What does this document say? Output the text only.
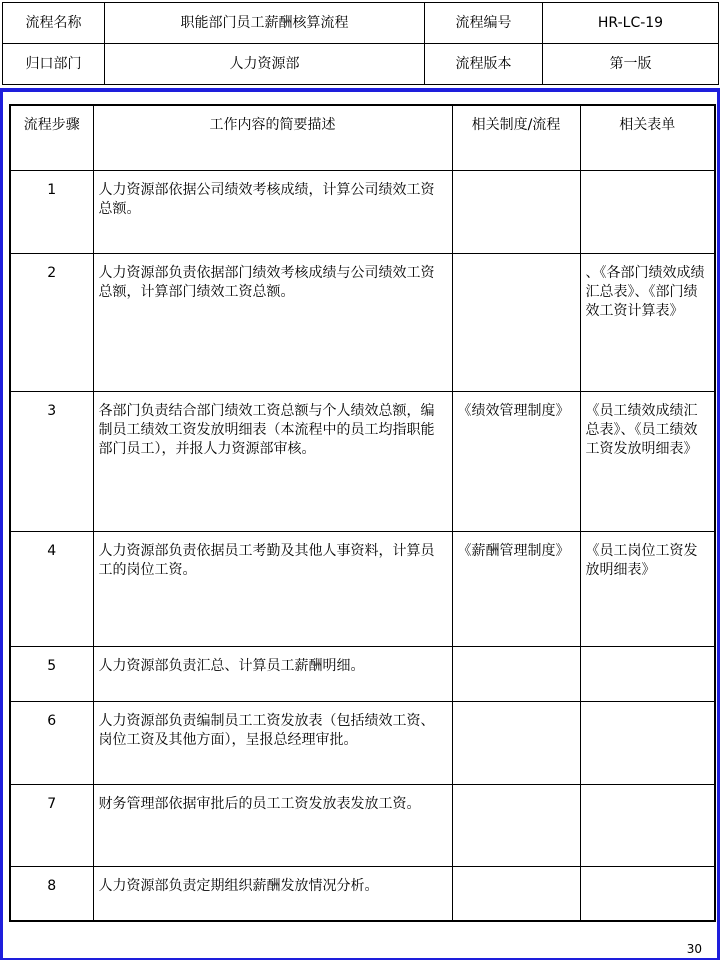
流程名称	职能部门员工薪酬核算流程	流程编号	HR-LC-19
归口部门	人力资源部	流程版本	第一版
流程步骤	工作内容的简要描述	相关制度/流程	相关表单
1	人力资源部依据公司绩效考核成绩，计算公司绩效工资总额。		
2	人力资源部负责依据部门绩效考核成绩与公司绩效工资总额，计算部门绩效工资总额。		、《各部门绩效成绩汇总表》、《部门绩效工资计算表》
3	各部门负责结合部门绩效工资总额与个人绩效总额，编制员工绩效工资发放明细表（本流程中的员工均指职能部门员工），并报人力资源部审核。	《绩效管理制度》	《员工绩效成绩汇总表》、《员工绩效工资发放明细表》
4	人力资源部负责依据员工考勤及其他人事资料，计算员工的岗位工资。	《薪酬管理制度》	《员工岗位工资发放明细表》
5	人力资源部负责汇总、计算员工薪酬明细。		
6	人力资源部负责编制员工工资发放表（包括绩效工资、岗位工资及其他方面），呈报总经理审批。		
7	财务管理部依据审批后的员工工资发放表发放工资。		
8	人力资源部负责定期组织薪酬发放情况分析。		
30
